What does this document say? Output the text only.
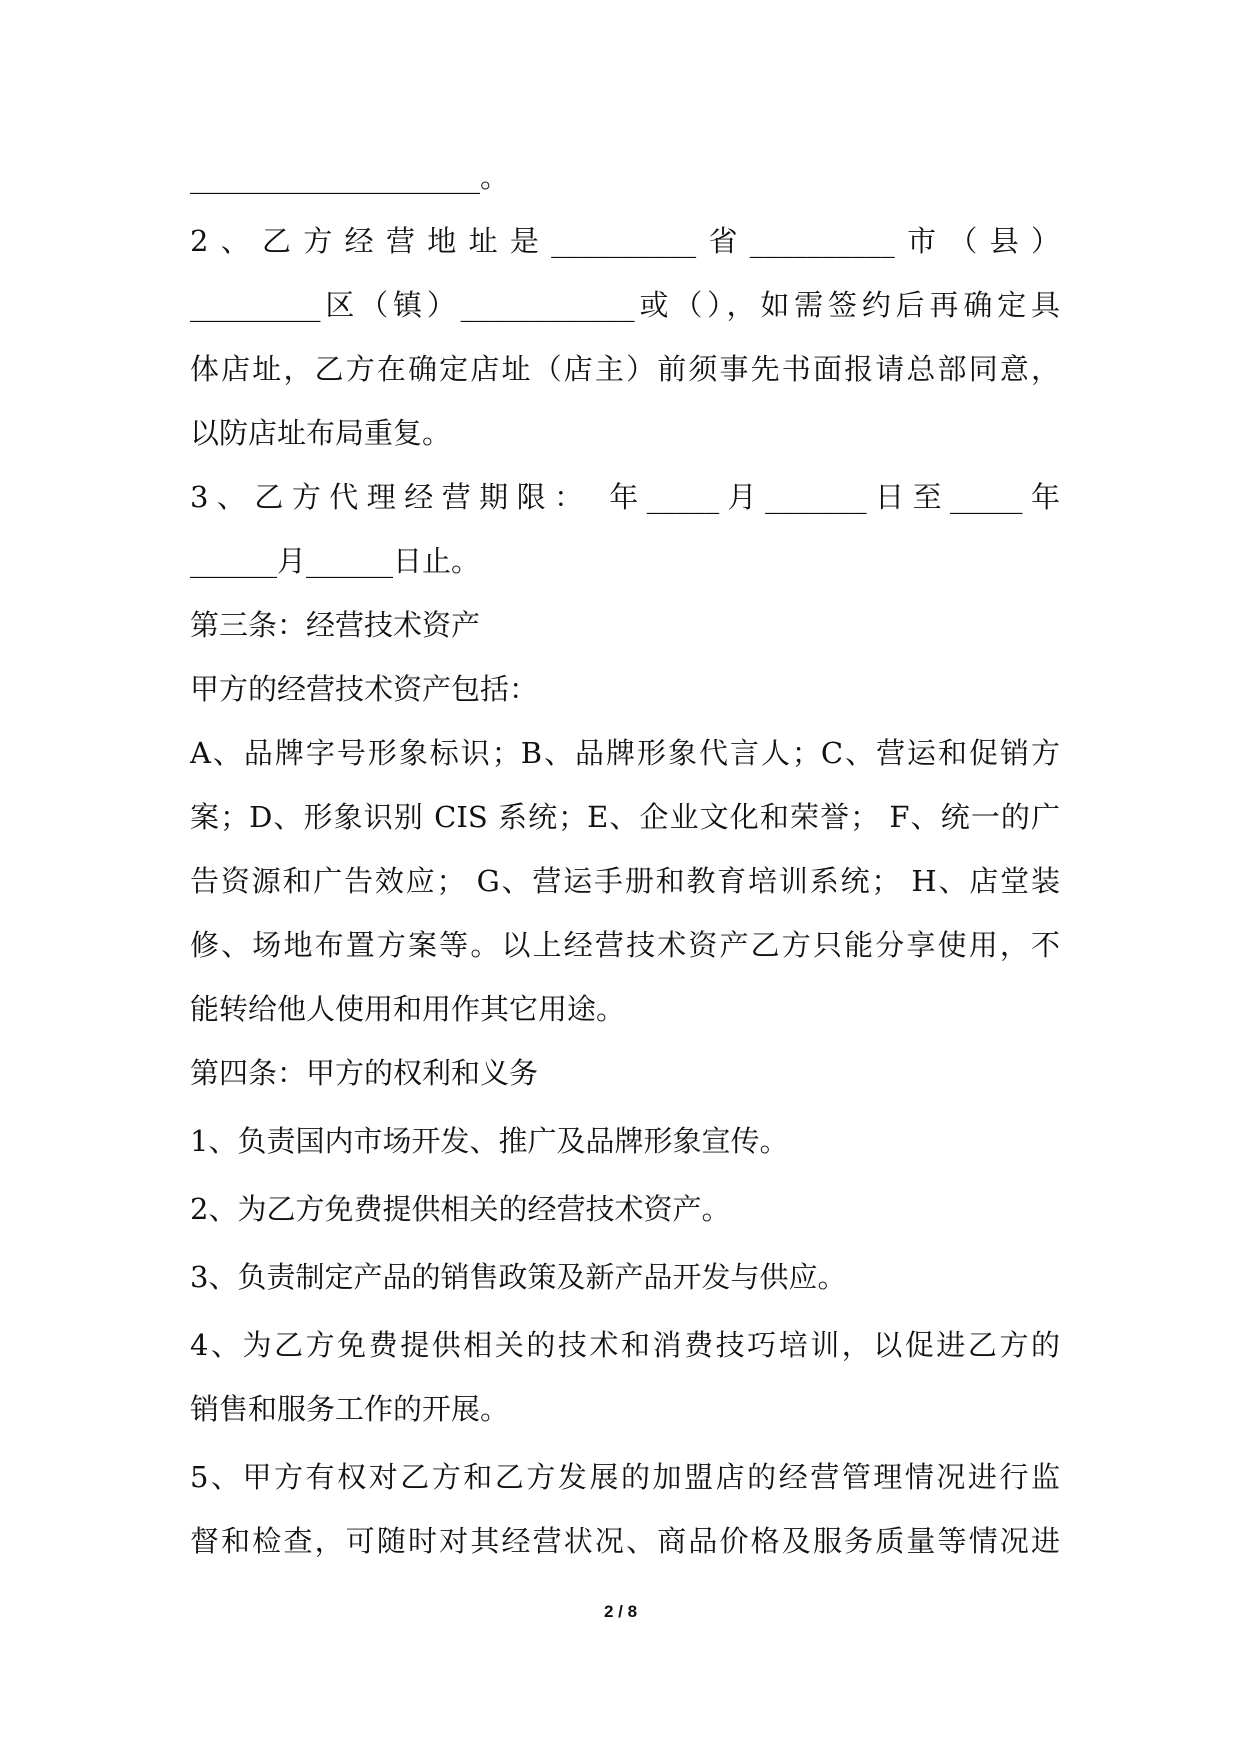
____________________。
2、乙方经营地址是__________省__________市（县）
_________区（镇）____________或（），如需签约后再确定具
体店址，乙方在确定店址（店主）前须事先书面报请总部同意，
以防店址布局重复。
3、乙方代理经营期限： 年_____月_______日至_____年
______月______日止。
第三条：经营技术资产
甲方的经营技术资产包括：
A、品牌字号形象标识；B、品牌形象代言人；C、营运和促销方
案；D、形象识别 CIS 系统；E、企业文化和荣誉； F、统一的广
告资源和广告效应； G、营运手册和教育培训系统； H、店堂装
修、场地布置方案等。以上经营技术资产乙方只能分享使用，不
能转给他人使用和用作其它用途。
第四条：甲方的权利和义务
1、负责国内市场开发、推广及品牌形象宣传。
2、为乙方免费提供相关的经营技术资产。
3、负责制定产品的销售政策及新产品开发与供应。
4、为乙方免费提供相关的技术和消费技巧培训，以促进乙方的
销售和服务工作的开展。
5、甲方有权对乙方和乙方发展的加盟店的经营管理情况进行监
督和检查，可随时对其经营状况、商品价格及服务质量等情况进
2 / 8
